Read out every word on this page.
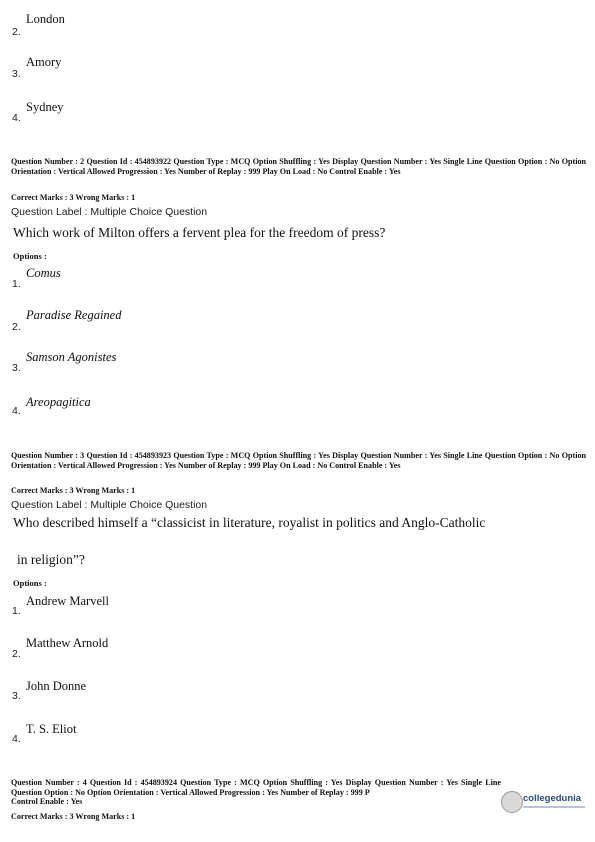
London
2.
Amory
3.
Sydney
4.
Question Number : 2 Question Id : 454893922 Question Type : MCQ Option Shuffling : Yes Display Question Number : Yes Single Line Question Option : No Option Orientation : Vertical Allowed Progression : Yes Number of Replay : 999 Play On Load : No Control Enable : Yes
Correct Marks : 3 Wrong Marks : 1
Question Label : Multiple Choice Question
Which work of Milton offers a fervent plea for the freedom of press?
Options :
Comus
1.
Paradise Regained
2.
Samson Agonistes
3.
Areopagitica
4.
Question Number : 3 Question Id : 454893923 Question Type : MCQ Option Shuffling : Yes Display Question Number : Yes Single Line Question Option : No Option Orientation : Vertical Allowed Progression : Yes Number of Replay : 999 Play On Load : No Control Enable : Yes
Correct Marks : 3 Wrong Marks : 1
Question Label : Multiple Choice Question
Who described himself a “classicist in literature, royalist in politics and Anglo-Catholic
in religion”?
Options :
Andrew Marvell
1.
Matthew Arnold
2.
John Donne
3.
T. S. Eliot
4.
Question Number : 4 Question Id : 454893924 Question Type : MCQ Option Shuffling : Yes Display Question Number : Yes Single Line Question Option : No Option Orientation : Vertical Allowed Progression : Yes Number of Replay : 999 P
Control Enable : Yes
Correct Marks : 3 Wrong Marks : 1
collegedunia
